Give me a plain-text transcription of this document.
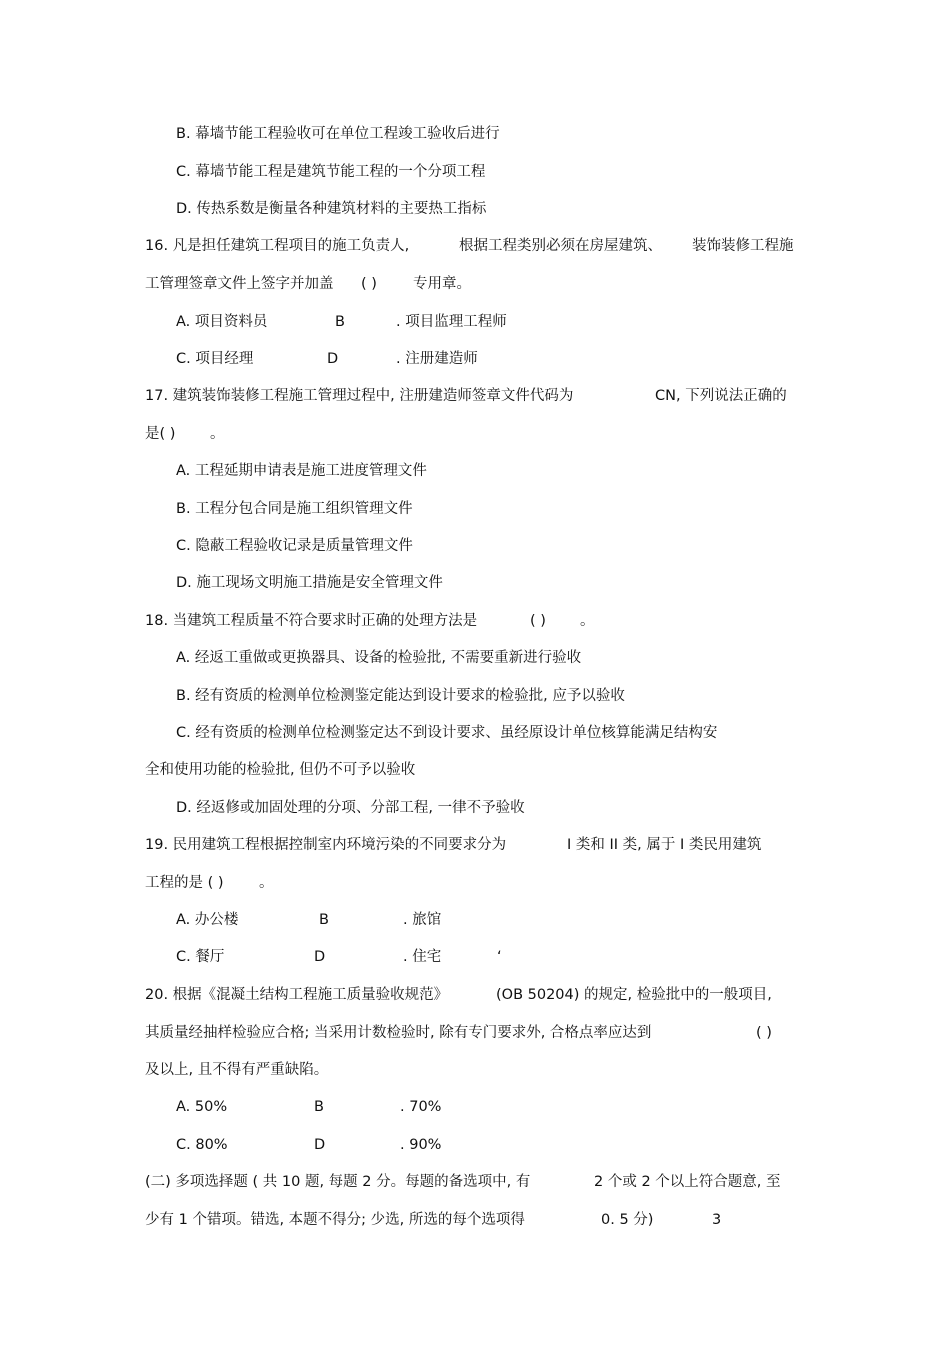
B. 幕墙节能工程验收可在单位工程竣工验收后进行
C. 幕墙节能工程是建筑节能工程的一个分项工程
D. 传热系数是衡量各种建筑材料的主要热工指标
16. 凡是担任建筑工程项目的施工负责人,	根据工程类别必须在房屋建筑、 装饰装修工程施
工管理签章文件上签字并加盖 ( ) 专用章。
A. 项目资料员	B	. 项目监理工程师
C. 项目经理	D	. 注册建造师
17. 建筑装饰装修工程施工管理过程中, 注册建造师签章文件代码为	CN, 下列说法正确的
是( ) 。
A. 工程延期申请表是施工进度管理文件
B. 工程分包合同是施工组织管理文件
C. 隐蔽工程验收记录是质量管理文件
D. 施工现场文明施工措施是安全管理文件
18. 当建筑工程质量不符合要求时正确的处理方法是	( ) 。
A. 经返工重做或更换器具、设备的检验批, 不需要重新进行验收
B. 经有资质的检测单位检测鉴定能达到设计要求的检验批, 应予以验收
C. 经有资质的检测单位检测鉴定达不到设计要求、虽经原设计单位核算能满足结构安
全和使用功能的检验批, 但仍不可予以验收
D. 经返修或加固处理的分项、分部工程, 一律不予验收
19. 民用建筑工程根据控制室内环境污染的不同要求分为	I 类和 II 类, 属于 I 类民用建筑
工程的是 ( ) 。
A. 办公楼	B	. 旅馆
C. 餐厅	D	. 住宅	‘
20. 根据《混凝土结构工程施工质量验收规范》	(OB 50204) 的规定, 检验批中的一般项目,
其质量经抽样检验应合格; 当采用计数检验时, 除有专门要求外, 合格点率应达到	( )
及以上, 且不得有严重缺陷。
A. 50%	B	. 70%
C. 80%	D	. 90%
(二) 多项选择题 ( 共 10 题, 每题 2 分。每题的备选项中, 有	2 个或 2 个以上符合题意, 至
少有 1 个错项。错选, 本题不得分; 少选, 所选的每个选项得	0. 5 分)	3
